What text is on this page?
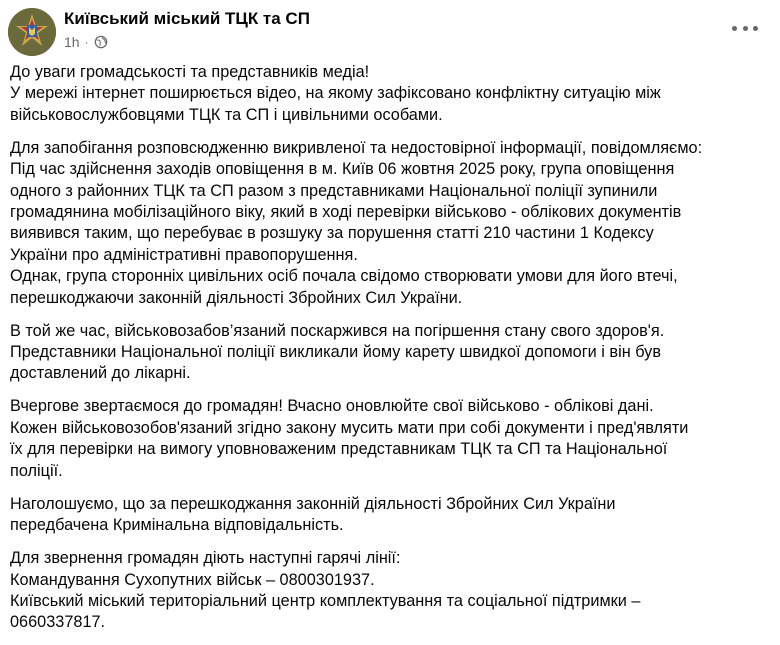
Київський міський ТЦК та СП
1h ·
До уваги громадськості та представників медіа!
У мережі інтернет поширюється відео, на якому зафіксовано конфліктну ситуацію між
військовослужбовцями ТЦК та СП і цивільними особами.
Для запобігання розповсюдженню викривленої та недостовірної інформації, повідомляємо:
Під час здійснення заходів оповіщення в м. Київ 06 жовтня 2025 року, група оповіщення
одного з районних ТЦК та СП разом з представниками Національної поліції зупинили
громадянина мобілізаційного віку, який в ході перевірки військово - облікових документів
виявився таким, що перебуває в розшуку за порушення статті 210 частини 1 Кодексу
України про адміністративні правопорушення.
Однак, група сторонніх цивільних осіб почала свідомо створювати умови для його втечі,
перешкоджаючи законній діяльності Збройних Сил України.
В той же час, військовозабов’язаний поскаржився на погіршення стану свого здоров'я.
Представники Національної поліції викликали йому карету швидкої допомоги і він був
доставлений до лікарні.
Вчергове звертаємося до громадян! Вчасно оновлюйте свої військово - облікові дані.
Кожен військовозобов'язаний згідно закону мусить мати при собі документи і пред'являти
їх для перевірки на вимогу уповноваженим представникам ТЦК та СП та Національної
поліції.
Наголошуємо, що за перешкоджання законній діяльності Збройних Сил України
передбачена Кримінальна відповідальність.
Для звернення громадян діють наступні гарячі лінії:
Командування Сухопутних військ – 0800301937.
Київський міський територіальний центр комплектування та соціальної підтримки –
0660337817.
